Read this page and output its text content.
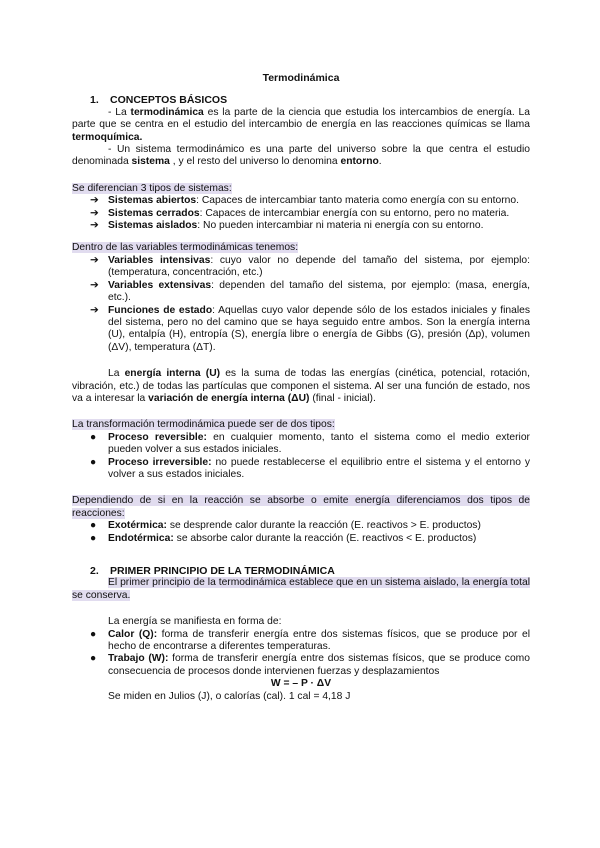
Termodinámica
1. CONCEPTOS BÁSICOS

- La termodinámica es la parte de la ciencia que estudia los intercambios de energía. La parte que se centra en el estudio del intercambio de energía en las reacciones químicas se llama termoquímica.

- Un sistema termodinámico es una parte del universo sobre la que centra el estudio denominada sistema , y el resto del universo lo denomina entorno.

Se diferencian 3 tipos de sistemas:

➔ Sistemas abiertos: Capaces de intercambiar tanto materia como energía con su entorno.
➔ Sistemas cerrados: Capaces de intercambiar energía con su entorno, pero no materia.
➔ Sistemas aislados: No pueden intercambiar ni materia ni energía con su entorno.

Dentro de las variables termodinámicas tenemos:

➔ Variables intensivas: cuyo valor no depende del tamaño del sistema, por ejemplo: (temperatura, concentración, etc.)
➔ Variables extensivas: dependen del tamaño del sistema, por ejemplo: (masa, energía, etc.).
➔ Funciones de estado: Aquellas cuyo valor depende sólo de los estados iniciales y finales del sistema, pero no del camino que se haya seguido entre ambos. Son la energía interna (U), entalpía (H), entropía (S), energía libre o energía de Gibbs (G), presión (Δp), volumen (ΔV), temperatura (ΔT).

La energía interna (U) es la suma de todas las energías (cinética, potencial, rotación, vibración, etc.) de todas las partículas que componen el sistema. Al ser una función de estado, nos va a interesar la variación de energía interna (ΔU) (final - inicial).

La transformación termodinámica puede ser de dos tipos:

● Proceso reversible: en cualquier momento, tanto el sistema como el medio exterior pueden volver a sus estados iniciales.
● Proceso irreversible: no puede restablecerse el equilibrio entre el sistema y el entorno y volver a sus estados iniciales.

Dependiendo de si en la reacción se absorbe o emite energía diferenciamos dos tipos de reacciones:

● Exotérmica: se desprende calor durante la reacción (E. reactivos > E. productos)
● Endotérmica: se absorbe calor durante la reacción (E. reactivos < E. productos)
2. PRIMER PRINCIPIO DE LA TERMODINÁMICA

El primer principio de la termodinámica establece que en un sistema aislado, la energía total se conserva.

La energía se manifiesta en forma de:

● Calor (Q): forma de transferir energía entre dos sistemas físicos, que se produce por el hecho de encontrarse a diferentes temperaturas.
● Trabajo (W): forma de transferir energía entre dos sistemas físicos, que se produce como consecuencia de procesos donde intervienen fuerzas y desplazamientos
W = – P · ΔV

Se miden en Julios (J), o calorías (cal). 1 cal = 4,18 J
